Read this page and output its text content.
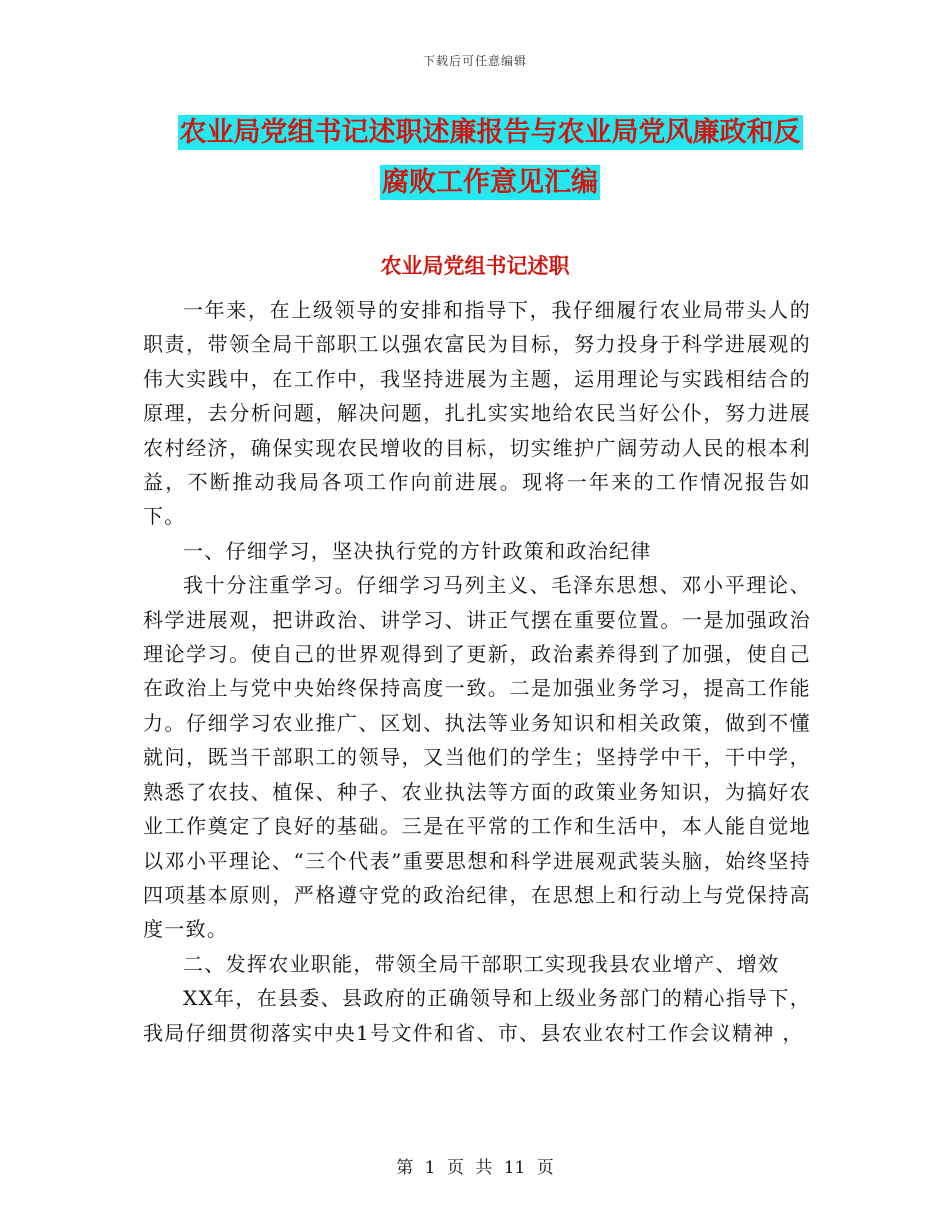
下载后可任意编辑
农业局党组书记述职述廉报告与农业局党风廉政和反
腐败工作意见汇编
农业局党组书记述职

一年来，在上级领导的安排和指导下，我仔细履行农业局带头人的职责，带领全局干部职工以强农富民为目标，努力投身于科学进展观的伟大实践中，在工作中，我坚持进展为主题，运用理论与实践相结合的原理，去分析问题，解决问题，扎扎实实地给农民当好公仆，努力进展农村经济，确保实现农民增收的目标，切实维护广阔劳动人民的根本利益，不断推动我局各项工作向前进展。现将一年来的工作情况报告如下。

一、仔细学习，坚决执行党的方针政策和政治纪律

我十分注重学习。仔细学习马列主义、毛泽东思想、邓小平理论、科学进展观，把讲政治、讲学习、讲正气摆在重要位置。一是加强政治理论学习。使自己的世界观得到了更新，政治素养得到了加强，使自己在政治上与党中央始终保持高度一致。二是加强业务学习，提高工作能力。仔细学习农业推广、区划、执法等业务知识和相关政策，做到不懂就问，既当干部职工的领导，又当他们的学生；坚持学中干，干中学，熟悉了农技、植保、种子、农业执法等方面的政策业务知识，为搞好农业工作奠定了良好的基础。三是在平常的工作和生活中，本人能自觉地以邓小平理论、“三个代表”重要思想和科学进展观武装头脑，始终坚持四项基本原则，严格遵守党的政治纪律，在思想上和行动上与党保持高度一致。

二、发挥农业职能，带领全局干部职工实现我县农业增产、增效

XX年，在县委、县政府的正确领导和上级业务部门的精心指导下，我局仔细贯彻落实中央1号文件和省、市、县农业农村工作会议精神 ，

第 1 页 共 11 页
